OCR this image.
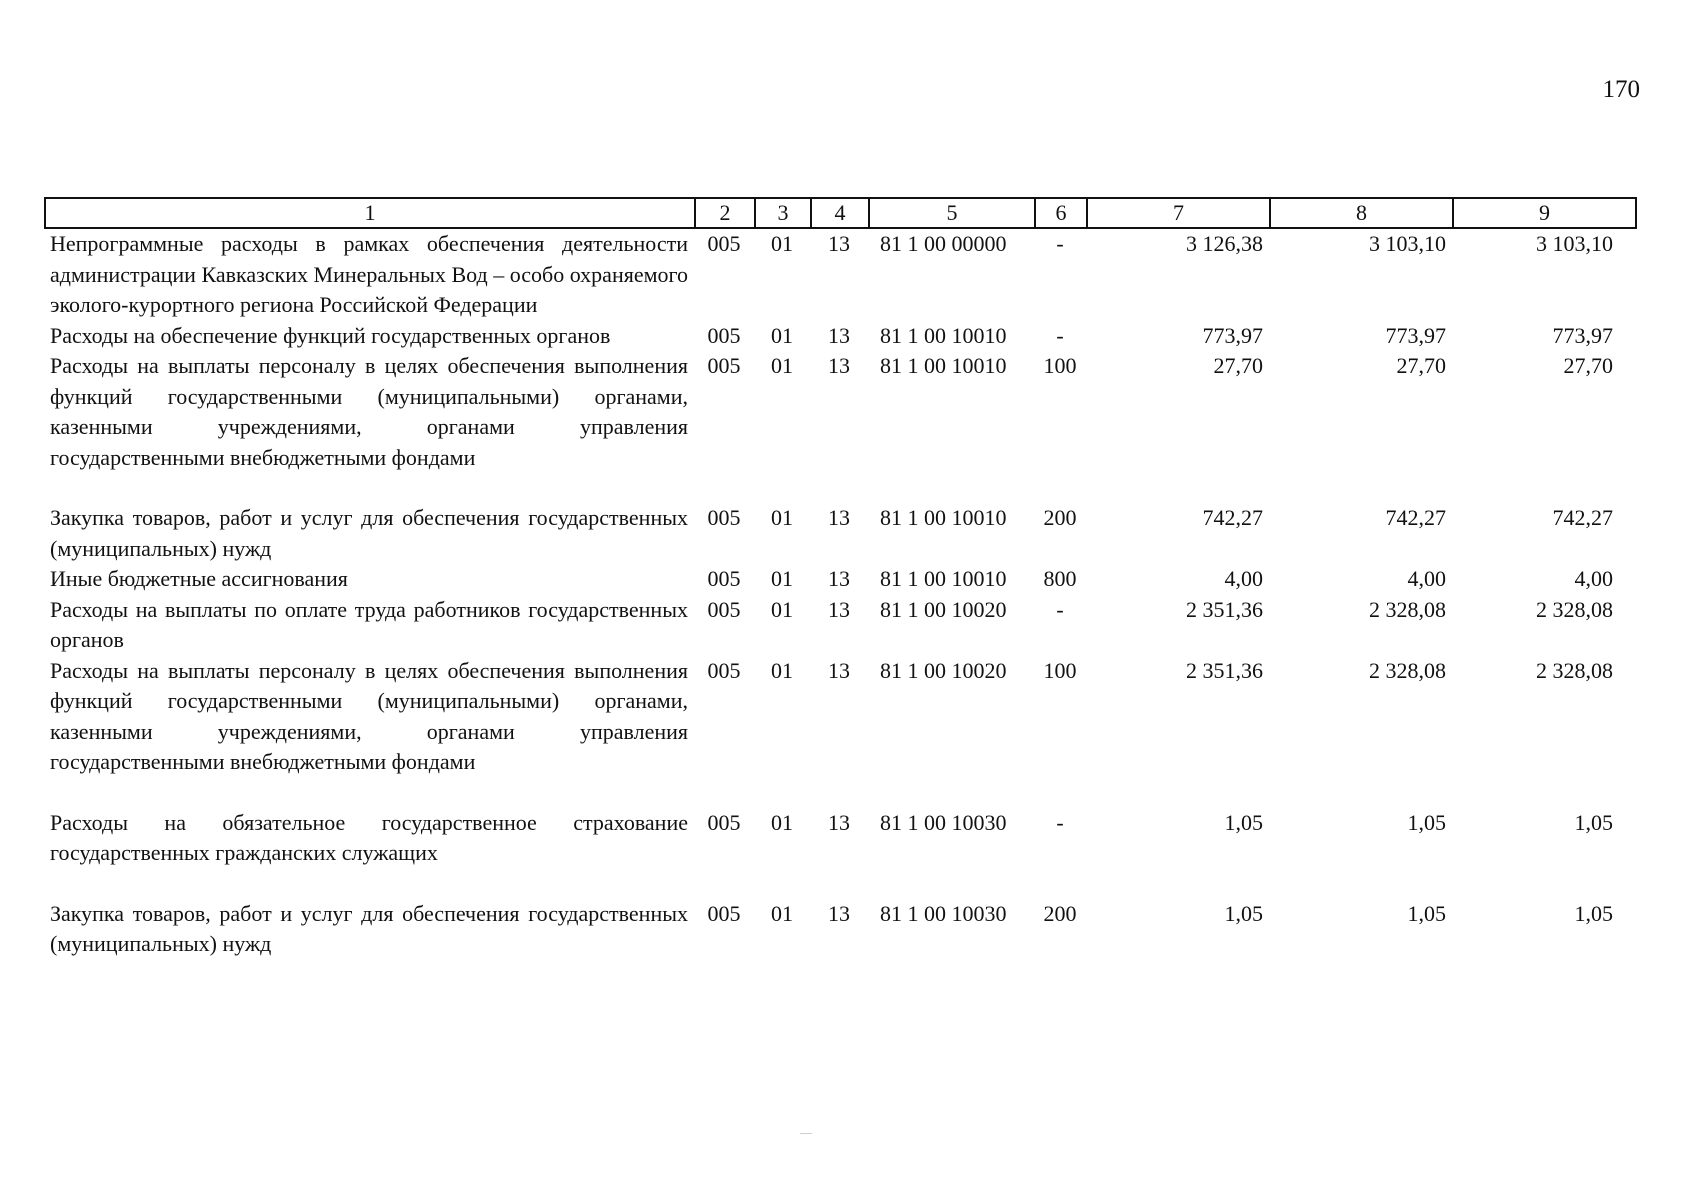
170
1	2	3	4	5	6	7	8	9
Непрограммные расходы в рамках обеспечения деятельности администрации Кавказских Минеральных Вод – особо охраняемого эколого-курортного региона Российской Федерации	005	01	13	81 1 00 00000	-	3 126,38	3 103,10	3 103,10
Расходы на обеспечение функций государственных органов	005	01	13	81 1 00 10010	-	773,97	773,97	773,97
Расходы на выплаты персоналу в целях обеспечения выполнения функций государственными (муниципальными) органами, казенными учреждениями, органами управления государственными внебюджетными фондами	005	01	13	81 1 00 10010	100	27,70	27,70	27,70
Закупка товаров, работ и услуг для обеспечения государственных (муниципальных) нужд	005	01	13	81 1 00 10010	200	742,27	742,27	742,27
Иные бюджетные ассигнования	005	01	13	81 1 00 10010	800	4,00	4,00	4,00
Расходы на выплаты по оплате труда работников государственных органов	005	01	13	81 1 00 10020	-	2 351,36	2 328,08	2 328,08
Расходы на выплаты персоналу в целях обеспечения выполнения функций государственными (муниципальными) органами, казенными учреждениями, органами управления государственными внебюджетными фондами	005	01	13	81 1 00 10020	100	2 351,36	2 328,08	2 328,08
Расходы на обязательное государственное страхование государственных гражданских служащих	005	01	13	81 1 00 10030	-	1,05	1,05	1,05
Закупка товаров, работ и услуг для обеспечения государственных (муниципальных) нужд	005	01	13	81 1 00 10030	200	1,05	1,05	1,05
